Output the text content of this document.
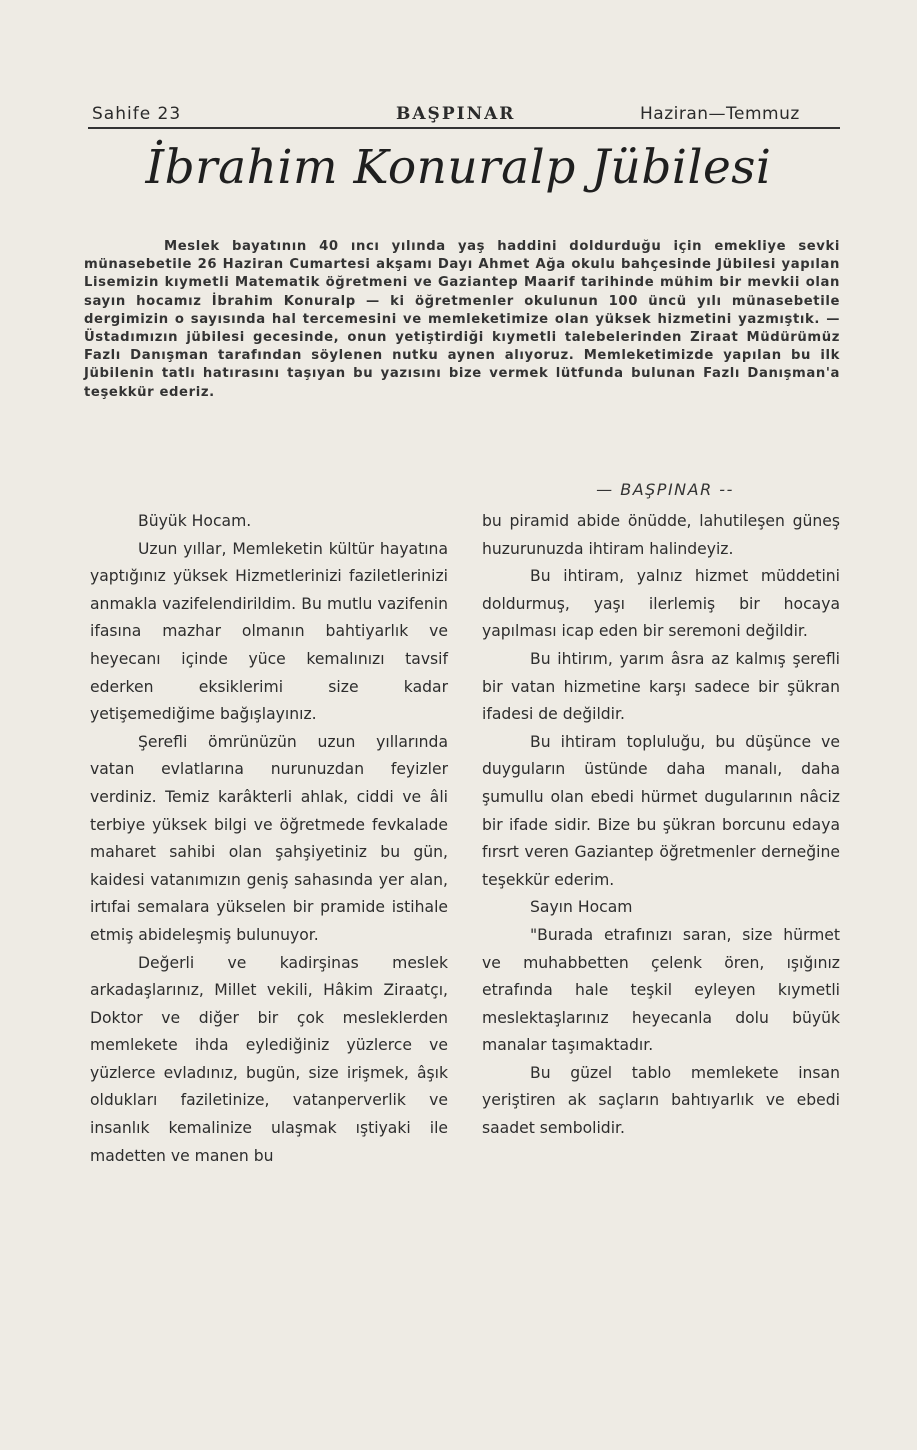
Sahife 23	BAŞPINAR	Haziran—Temmuz
İbrahim Konuralp Jübilesi
Meslek bayatının 40 ıncı yılında yaş haddini doldurduğu için emekliye sevki münasebetile 26 Haziran Cumartesi akşamı Dayı Ahmet Ağa okulu bahçesinde Jübilesi yapılan Lisemizin kıymetli Matematik öğretmeni ve Gaziantep Maarif tarihinde mühim bir mevkii olan sayın hocamız İbrahim Konuralp — ki öğretmenler okulunun 100 üncü yılı münasebetile dergimizin o sayısında hal tercemesini ve memleketimize olan yüksek hizmetini yazmıştık. — Üstadımızın jübilesi gecesinde, onun yetiştirdiği kıymetli talebelerinden Ziraat Müdürümüz Fazlı Danışman tarafından söylenen nutku aynen alıyoruz. Memleketimizde yapılan bu ilk Jübilenin tatlı hatırasını taşıyan bu yazısını bize vermek lütfunda bulunan Fazlı Danışman'a teşekkür ederiz.
— BAŞPINAR --

Büyük Hocam.

Uzun yıllar, Memleketin kültür hayatına yaptığınız yüksek Hizmetlerinizi faziletlerinizi anmakla vazifelendirildim. Bu mutlu vazifenin ifasına mazhar olmanın bahtiyarlık ve heyecanı içinde yüce kemalınızı tavsif ederken eksiklerimi size kadar yetişemediğime bağışlayınız.

Şerefli ömrünüzün uzun yıllarında vatan evlatlarına nurunuzdan feyizler verdiniz. Temiz karâkterli ahlak, ciddi ve âli terbiye yüksek bilgi ve öğretmede fevkalade maharet sahibi olan şahşiyetiniz bu gün, kaidesi vatanımızın geniş sahasında yer alan, irtıfai semalara yükselen bir pramide istihale etmiş abideleşmiş bulunuyor.

Değerli ve kadirşinas meslek arkadaşlarınız, Millet vekili, Hâkim Ziraatçı, Doktor ve diğer bir çok mesleklerden memlekete ihda eylediğiniz yüzlerce ve yüzlerce evladınız, bugün, size irişmek, âşık oldukları faziletinize, vatanperverlik ve insanlık kemalinize ulaşmak ıştiyaki ile madetten ve manen bu

bu piramid abide önüdde, lahutileşen güneş huzurunuzda ihtiram halindeyiz.

Bu ihtiram, yalnız hizmet müddetini doldurmuş, yaşı ilerlemiş bir hocaya yapılması icap eden bir seremoni değildir.

Bu ihtirım, yarım âsra az kalmış şerefli bir vatan hizmetine karşı sadece bir şükran ifadesi de değildir.

Bu ihtiram topluluğu, bu düşünce ve duyguların üstünde daha manalı, daha şumullu olan ebedi hürmet dugularının nâciz bir ifade sidir. Bize bu şükran borcunu edaya fırsrt veren Gaziantep öğretmenler derneğine teşekkür ederim.

Sayın Hocam

"Burada etrafınızı saran, size hürmet ve muhabbetten çelenk ören, ışığınız etrafında hale teşkil eyleyen kıymetli meslektaşlarınız heyecanla dolu büyük manalar taşımaktadır.

Bu güzel tablo memlekete insan yeriştiren ak saçların bahtıyarlık ve ebedi saadet sembolidir.
